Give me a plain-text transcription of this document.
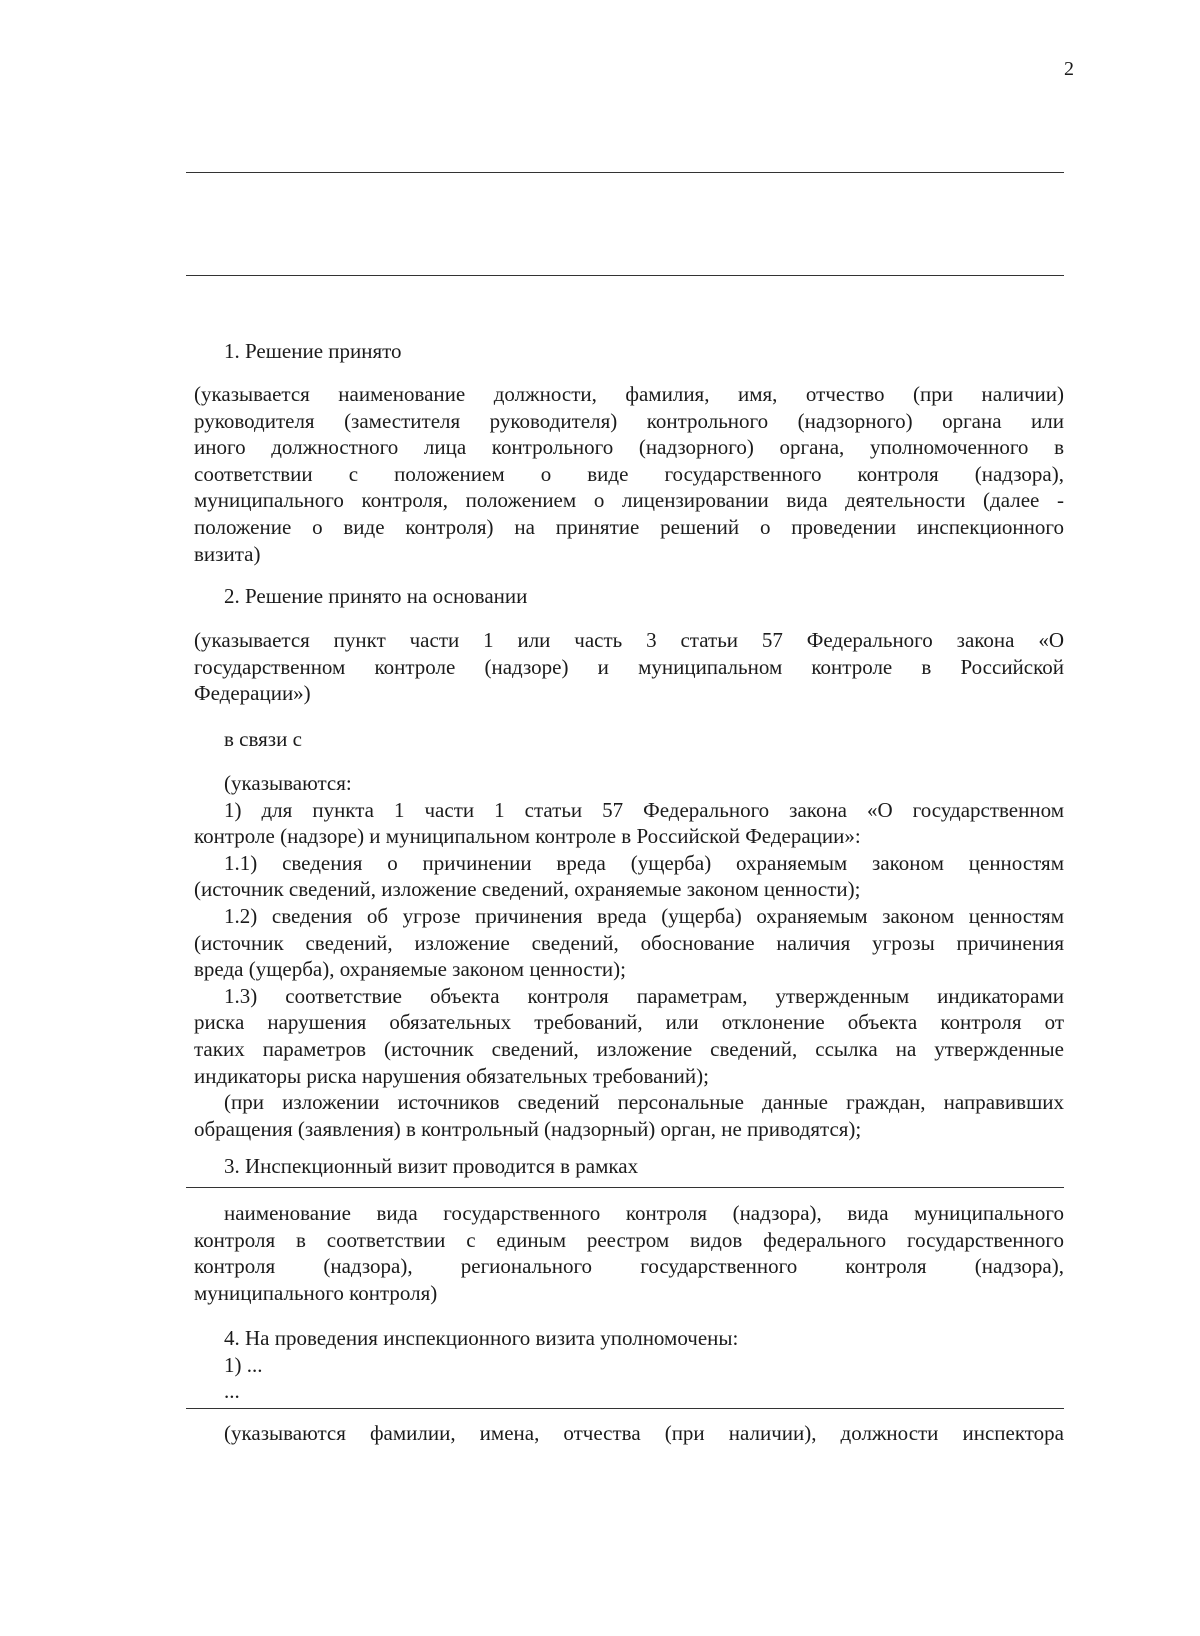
2
1. Решение принято

(указывается наименование должности, фамилия, имя, отчество (при наличии)

руководителя (заместителя руководителя) контрольного (надзорного) органа или

иного должностного лица контрольного (надзорного) органа, уполномоченного в

соответствии с положением о виде государственного контроля (надзора),

муниципального контроля, положением о лицензировании вида деятельности (далее -

положение о виде контроля) на принятие решений о проведении инспекционного

визита)

2. Решение принято на основании

(указывается пункт части 1 или часть 3 статьи 57 Федерального закона «О

государственном контроле (надзоре) и муниципальном контроле в Российской

Федерации»)

в связи с

(указываются:

1) для пункта 1 части 1 статьи 57 Федерального закона «О государственном

контроле (надзоре) и муниципальном контроле в Российской Федерации»:

1.1) сведения о причинении вреда (ущерба) охраняемым законом ценностям

(источник сведений, изложение сведений, охраняемые законом ценности);

1.2) сведения об угрозе причинения вреда (ущерба) охраняемым законом ценностям

(источник сведений, изложение сведений, обоснование наличия угрозы причинения

вреда (ущерба), охраняемые законом ценности);

1.3) соответствие объекта контроля параметрам, утвержденным индикаторами

риска нарушения обязательных требований, или отклонение объекта контроля от

таких параметров (источник сведений, изложение сведений, ссылка на утвержденные

индикаторы риска нарушения обязательных требований);

(при изложении источников сведений персональные данные граждан, направивших

обращения (заявления) в контрольный (надзорный) орган, не приводятся);

3. Инспекционный визит проводится в рамках

наименование вида государственного контроля (надзора), вида муниципального

контроля в соответствии с единым реестром видов федерального государственного

контроля (надзора), регионального государственного контроля (надзора),

муниципального контроля)

4. На проведения инспекционного визита уполномочены:
1) ...
...

(указываются фамилии, имена, отчества (при наличии), должности инспектора
